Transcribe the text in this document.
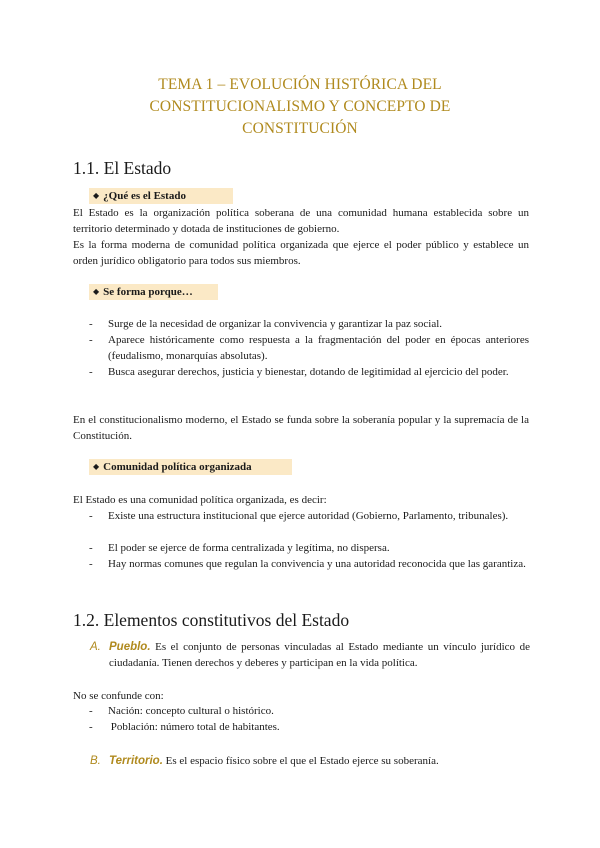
TEMA 1 – EVOLUCIÓN HISTÓRICA DEL
CONSTITUCIONALISMO Y CONCEPTO DE
CONSTITUCIÓN
1.1. El Estado
◆ ¿Qué es el Estado

El Estado es la organización política soberana de una comunidad humana establecida sobre un territorio determinado y dotada de instituciones de gobierno.

Es la forma moderna de comunidad política organizada que ejerce el poder público y establece un orden jurídico obligatorio para todos sus miembros.

◆ Se forma porque…
- Surge de la necesidad de organizar la convivencia y garantizar la paz social.
- Aparece históricamente como respuesta a la fragmentación del poder en épocas anteriores (feudalismo, monarquías absolutas).
- Busca asegurar derechos, justicia y bienestar, dotando de legitimidad al ejercicio del poder.

En el constitucionalismo moderno, el Estado se funda sobre la soberanía popular y la supremacía de la Constitución.

◆ Comunidad política organizada

El Estado es una comunidad política organizada, es decir:

- Existe una estructura institucional que ejerce autoridad (Gobierno, Parlamento, tribunales).
- El poder se ejerce de forma centralizada y legítima, no dispersa.
- Hay normas comunes que regulan la convivencia y una autoridad reconocida que las garantiza.
1.2. Elementos constitutivos del Estado
A. Pueblo. Es el conjunto de personas vinculadas al Estado mediante un vínculo jurídico de ciudadanía. Tienen derechos y deberes y participan en la vida política.

No se confunde con:

- Nación: concepto cultural o histórico.
- Población: número total de habitantes.
B. Territorio. Es el espacio físico sobre el que el Estado ejerce su soberanía.
